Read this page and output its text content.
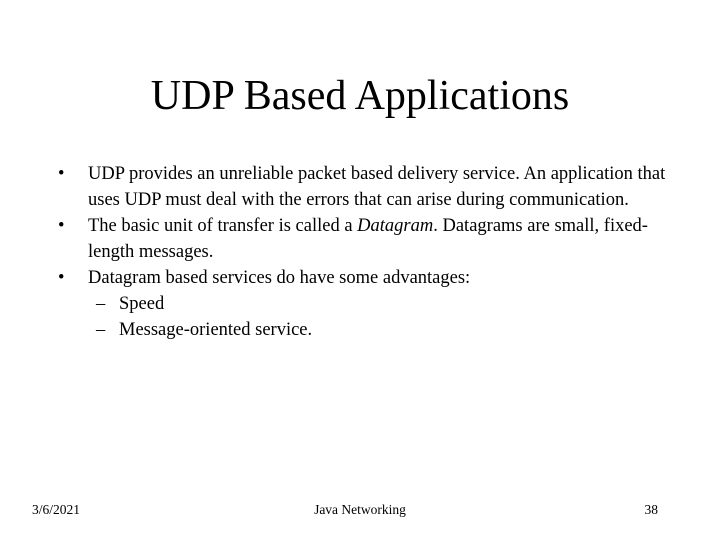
UDP Based Applications
• UDP provides an unreliable packet based delivery service. An application that uses UDP must deal with the errors that can arise during communication.
• The basic unit of transfer is called a Datagram. Datagrams are small, fixed-length messages.
• Datagram based services do have some advantages:
– Speed
– Message-oriented service.
3/6/2021	Java Networking	38
